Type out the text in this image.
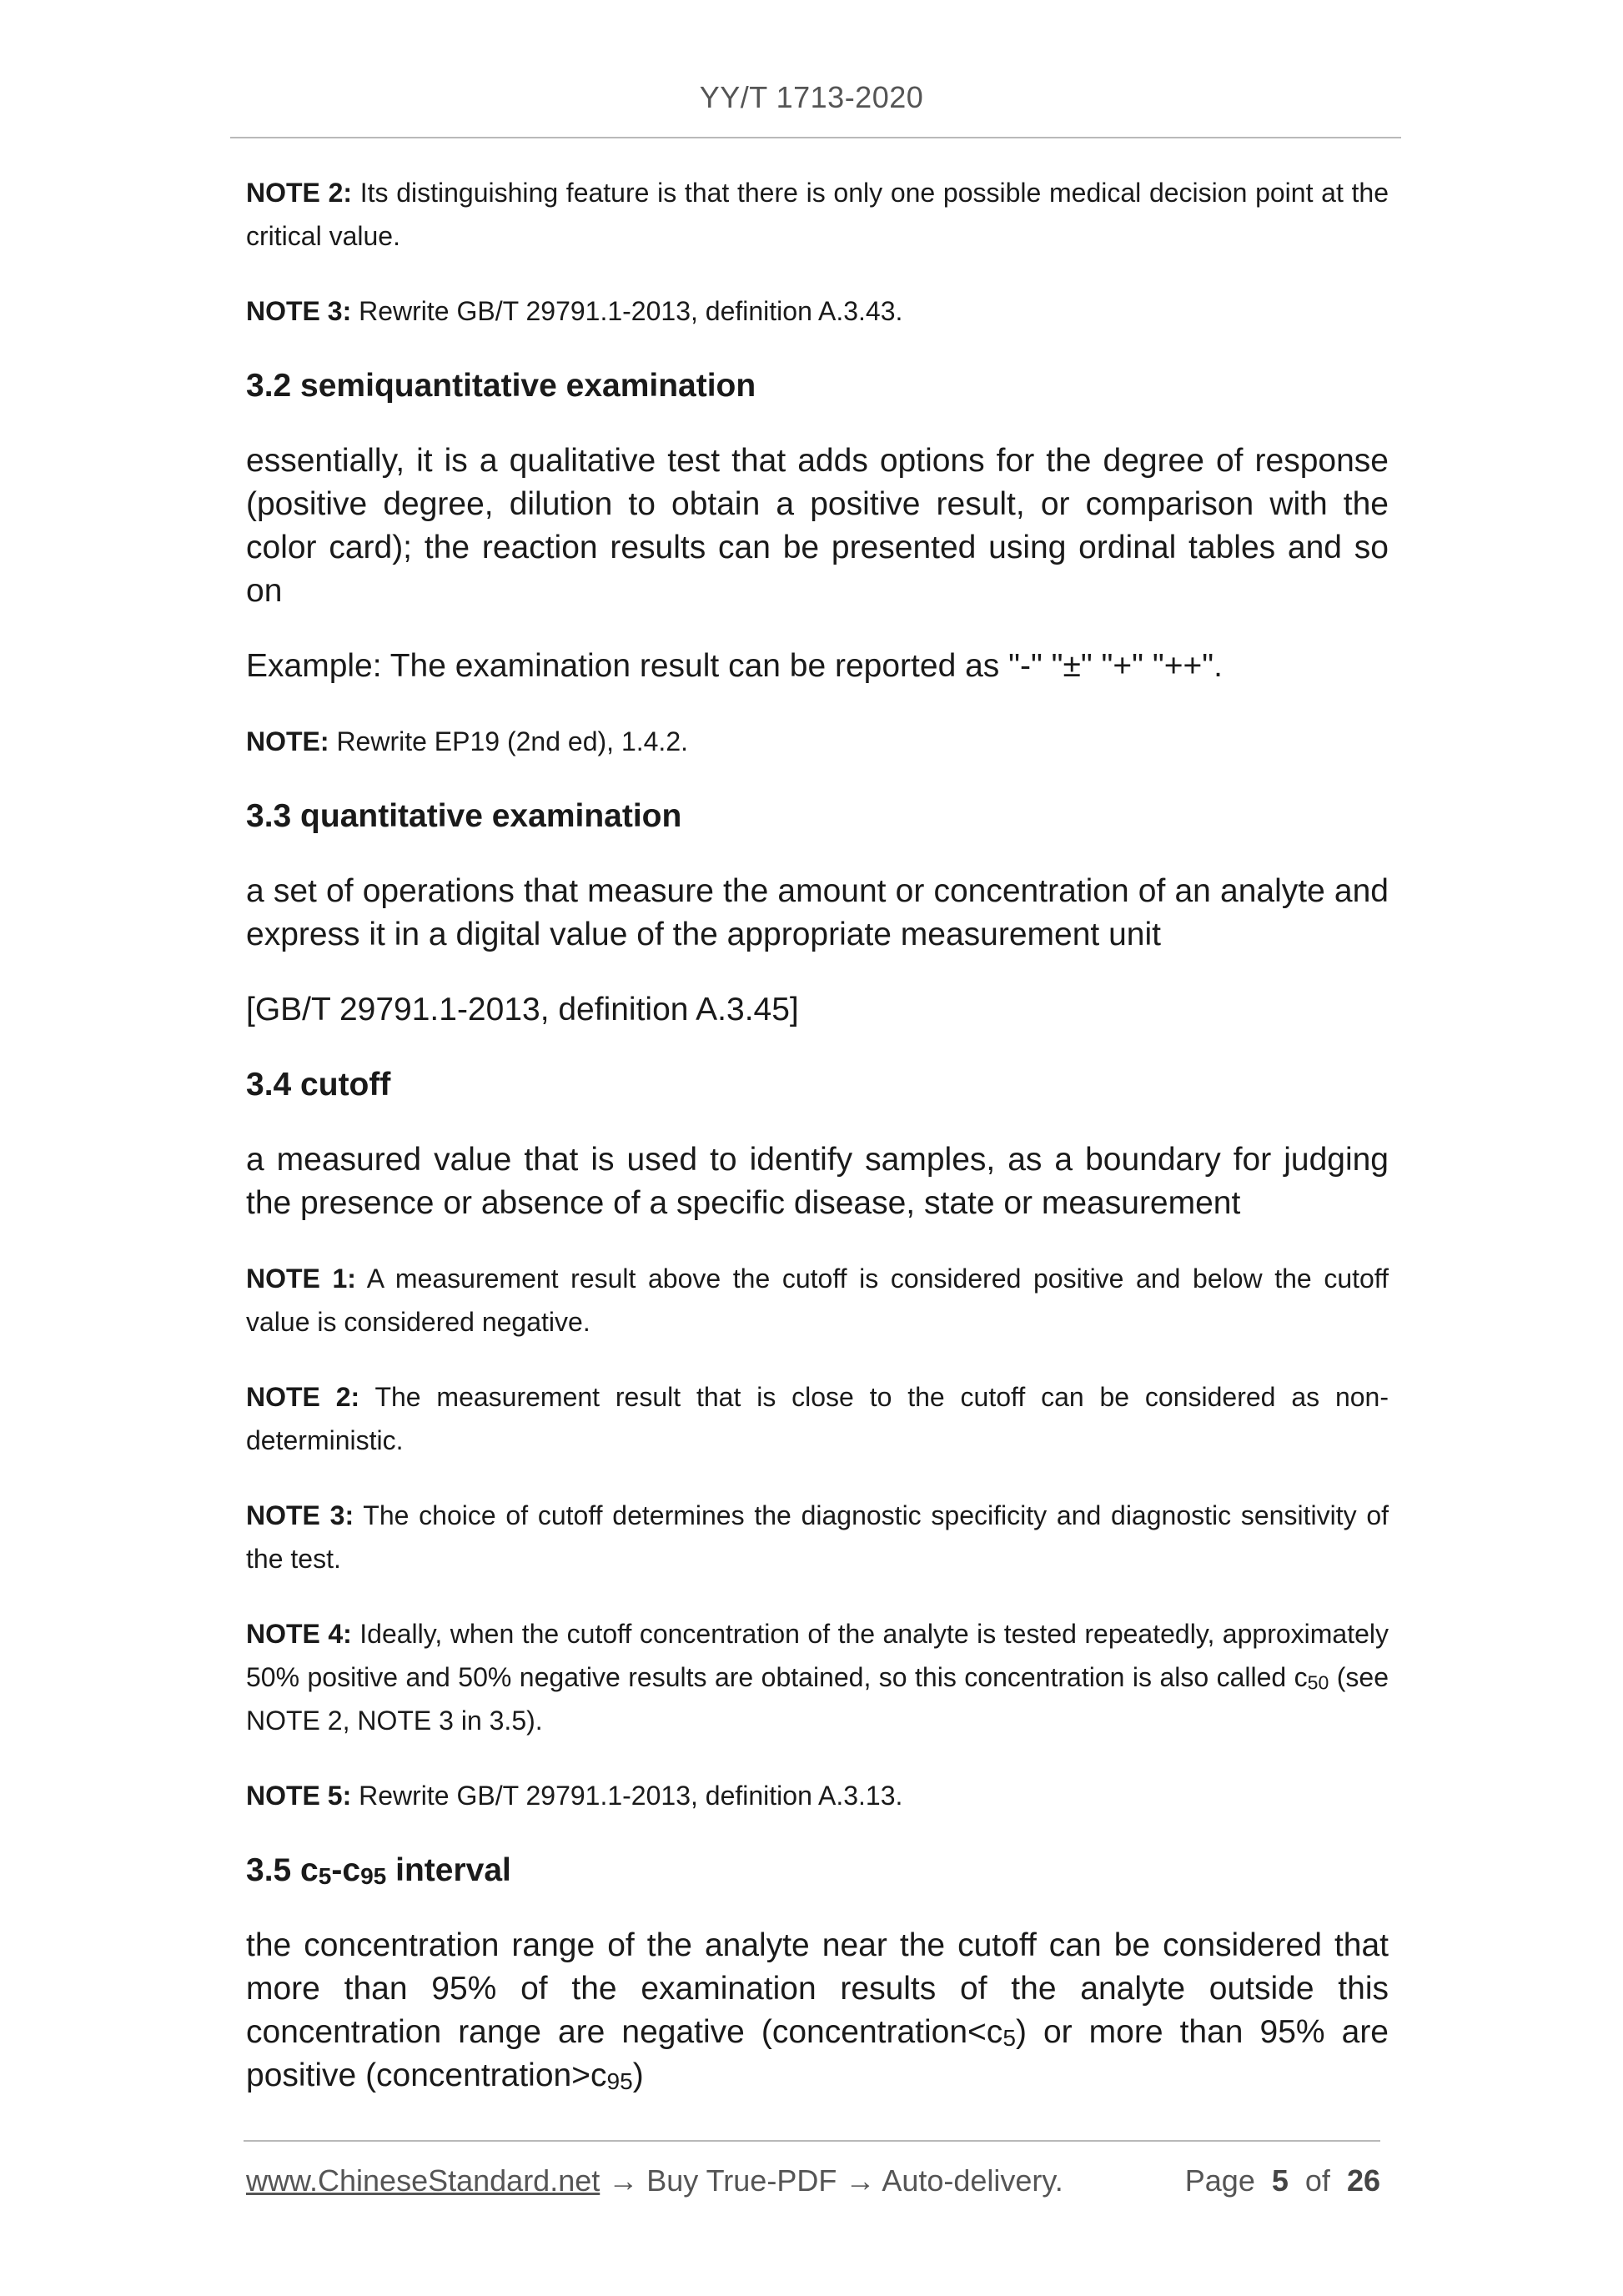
YY/T 1713-2020

NOTE 2: Its distinguishing feature is that there is only one possible medical decision point at the critical value.

NOTE 3: Rewrite GB/T 29791.1-2013, definition A.3.43.

3.2 semiquantitative examination

essentially, it is a qualitative test that adds options for the degree of response (positive degree, dilution to obtain a positive result, or comparison with the color card); the reaction results can be presented using ordinal tables and so on

Example: The examination result can be reported as "-" "±" "+" "++".

NOTE: Rewrite EP19 (2nd ed), 1.4.2.

3.3 quantitative examination

a set of operations that measure the amount or concentration of an analyte and express it in a digital value of the appropriate measurement unit

[GB/T 29791.1-2013, definition A.3.45]

3.4 cutoff

a measured value that is used to identify samples, as a boundary for judging the presence or absence of a specific disease, state or measurement

NOTE 1: A measurement result above the cutoff is considered positive and below the cutoff value is considered negative.

NOTE 2: The measurement result that is close to the cutoff can be considered as non-deterministic.

NOTE 3: The choice of cutoff determines the diagnostic specificity and diagnostic sensitivity of the test.

NOTE 4: Ideally, when the cutoff concentration of the analyte is tested repeatedly, approximately 50% positive and 50% negative results are obtained, so this concentration is also called $c_{50}$ (see NOTE 2, NOTE 3 in 3.5).

NOTE 5: Rewrite GB/T 29791.1-2013, definition A.3.13.

3.5 $c_5-c_{95}$ interval

the concentration range of the analyte near the cutoff can be considered that more than 95% of the examination results of the analyte outside this concentration range are negative $(concentration<c_5)$ or more than 95% are positive $(concentration>c_{95})$

www.ChineseStandard.net → Buy True-PDF → Auto-delivery.	Page 5 of 26
